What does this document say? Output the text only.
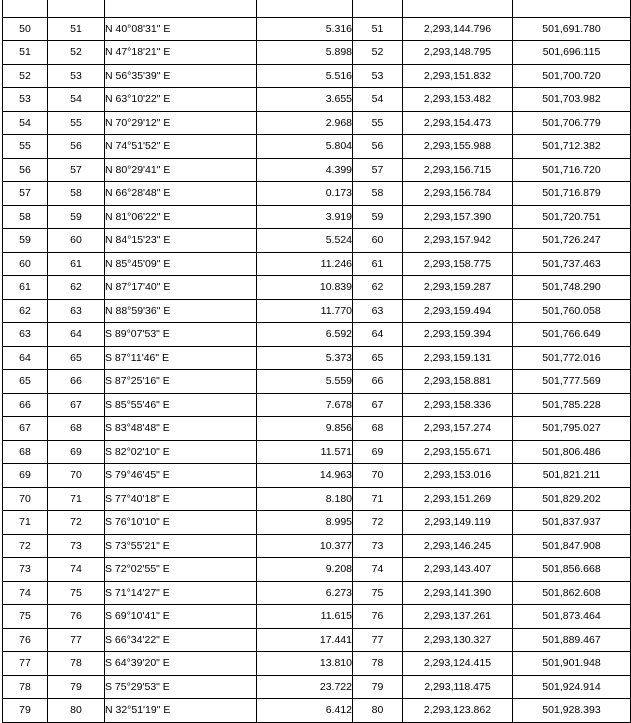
50	51	N 40°08'31" E	5.316	51	2,293,144.796	501,691.780
51	52	N 47°18'21" E	5.898	52	2,293,148.795	501,696.115
52	53	N 56°35'39" E	5.516	53	2,293,151.832	501,700.720
53	54	N 63°10'22" E	3.655	54	2,293,153.482	501,703.982
54	55	N 70°29'12" E	2.968	55	2,293,154.473	501,706.779
55	56	N 74°51'52" E	5.804	56	2,293,155.988	501,712.382
56	57	N 80°29'41" E	4.399	57	2,293,156.715	501,716.720
57	58	N 66°28'48" E	0.173	58	2,293,156.784	501,716.879
58	59	N 81°06'22" E	3.919	59	2,293,157.390	501,720.751
59	60	N 84°15'23" E	5.524	60	2,293,157.942	501,726.247
60	61	N 85°45'09" E	11.246	61	2,293,158.775	501,737.463
61	62	N 87°17'40" E	10.839	62	2,293,159.287	501,748.290
62	63	N 88°59'36" E	11.770	63	2,293,159.494	501,760.058
63	64	S 89°07'53" E	6.592	64	2,293,159.394	501,766.649
64	65	S 87°11'46" E	5.373	65	2,293,159.131	501,772.016
65	66	S 87°25'16" E	5.559	66	2,293,158.881	501,777.569
66	67	S 85°55'46" E	7.678	67	2,293,158.336	501,785.228
67	68	S 83°48'48" E	9.856	68	2,293,157.274	501,795.027
68	69	S 82°02'10" E	11.571	69	2,293,155.671	501,806.486
69	70	S 79°46'45" E	14.963	70	2,293,153.016	501,821.211
70	71	S 77°40'18" E	8.180	71	2,293,151.269	501,829.202
71	72	S 76°10'10" E	8.995	72	2,293,149.119	501,837.937
72	73	S 73°55'21" E	10.377	73	2,293,146.245	501,847.908
73	74	S 72°02'55" E	9.208	74	2,293,143.407	501,856.668
74	75	S 71°14'27" E	6.273	75	2,293,141.390	501,862.608
75	76	S 69°10'41" E	11.615	76	2,293,137.261	501,873.464
76	77	S 66°34'22" E	17.441	77	2,293,130.327	501,889.467
77	78	S 64°39'20" E	13.810	78	2,293,124.415	501,901.948
78	79	S 75°29'53" E	23.722	79	2,293,118.475	501,924.914
79	80	N 32°51'19" E	6.412	80	2,293,123.862	501,928.393
